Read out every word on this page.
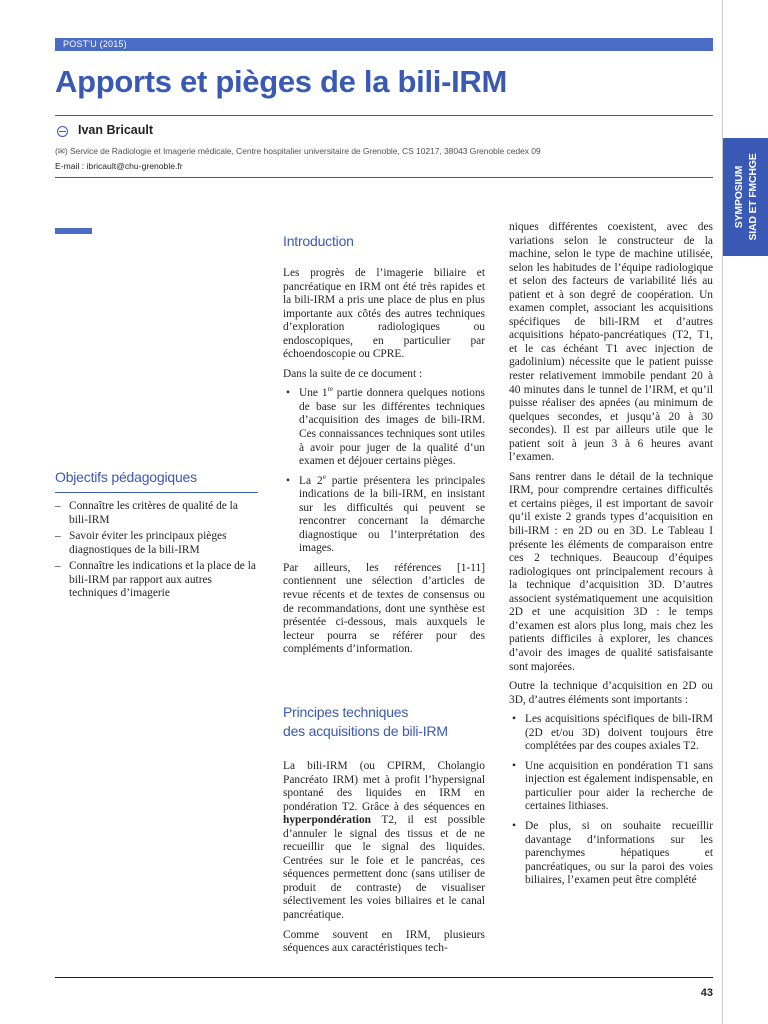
POST'U (2015)
Apports et pièges de la bili-IRM
Ivan Bricault
(✉) Service de Radiologie et Imagerie médicale, Centre hospitalier universitaire de Grenoble, CS 10217, 38043 Grenoble cedex 09
E-mail : ibricault@chu-grenoble.fr	SYMPOSIUM SIAD ET FMCHGE
Objectifs pédagogiques
– Connaître les critères de qualité de la bili-IRM
– Savoir éviter les principaux pièges diagnostiques de la bili-IRM
– Connaître les indications et la place de la bili-IRM par rapport aux autres techniques d’imagerie
Introduction

Les progrès de l’imagerie biliaire et pancréatique en IRM ont été très rapides et la bili-IRM a pris une place de plus en plus importante aux côtés des autres techniques d’exploration radiologiques ou endoscopiques, en particulier par échoendoscopie ou CPRE.

Dans la suite de ce document :

• Une 1re partie donnera quelques notions de base sur les différentes techniques d’acquisition des images de bili-IRM. Ces connaissances techniques sont utiles à avoir pour juger de la qualité d’un examen et déjouer certains pièges.
• La 2e partie présentera les principales indications de la bili-IRM, en insistant sur les difficultés qui peuvent se rencontrer concernant la démarche diagnostique ou l’interprétation des images.

Par ailleurs, les références [1-11] contiennent une sélection d’articles de revue récents et de textes de consensus ou de recommandations, dont une synthèse est présentée ci-dessous, mais auxquels le lecteur pourra se référer pour des compléments d’information.

Principes techniques
des acquisitions de bili-IRM

La bili-IRM (ou CPIRM, Cholangio Pancréato IRM) met à profit l’hypersignal spontané des liquides en IRM en pondération T2. Grâce à des séquences en hyperpondération T2, il est possible d’annuler le signal des tissus et de ne recueillir que le signal des liquides. Centrées sur le foie et le pancréas, ces séquences permettent donc (sans utiliser de produit de contraste) de visualiser sélectivement les voies biliaires et le canal pancréatique.

Comme souvent en IRM, plusieurs séquences aux caractéristiques tech-

niques différentes coexistent, avec des variations selon le constructeur de la machine, selon le type de machine utilisée, selon les habitudes de l’équipe radiologique et selon des facteurs de variabilité liés au patient et à son degré de coopération. Un examen complet, associant les acquisitions spécifiques de bili-IRM et d’autres acquisitions hépato-pancréatiques (T2, T1, et le cas échéant T1 avec injection de gadolinium) nécessite que le patient puisse rester relativement immobile pendant 20 à 40 minutes dans le tunnel de l’IRM, et qu’il puisse réaliser des apnées (au minimum de quelques secondes, et jusqu’à 20 à 30 secondes). Il est par ailleurs utile que le patient soit à jeun 3 à 6 heures avant l’examen.

Sans rentrer dans le détail de la technique IRM, pour comprendre certaines difficultés et certains pièges, il est important de savoir qu’il existe 2 grands types d’acquisition en bili-IRM : en 2D ou en 3D. Le Tableau I présente les éléments de comparaison entre ces 2 techniques. Beaucoup d’équipes radiologiques ont principalement recours à la technique d’acquisition 3D. D’autres associent systématiquement une acquisition 2D et une acquisition 3D : le temps d’examen est alors plus long, mais chez les patients difficiles à explorer, les chances d’avoir des images de qualité satisfaisante sont majorées.

Outre la technique d’acquisition en 2D ou 3D, d’autres éléments sont importants :

• Les acquisitions spécifiques de bili-IRM (2D et/ou 3D) doivent toujours être complétées par des coupes axiales T2.
• Une acquisition en pondération T1 sans injection est également indispensable, en particulier pour aider la recherche de certaines lithiases.
• De plus, si on souhaite recueillir davantage d’informations sur les parenchymes hépatiques et pancréatiques, ou sur la paroi des voies biliaires, l’examen peut être complété
43
